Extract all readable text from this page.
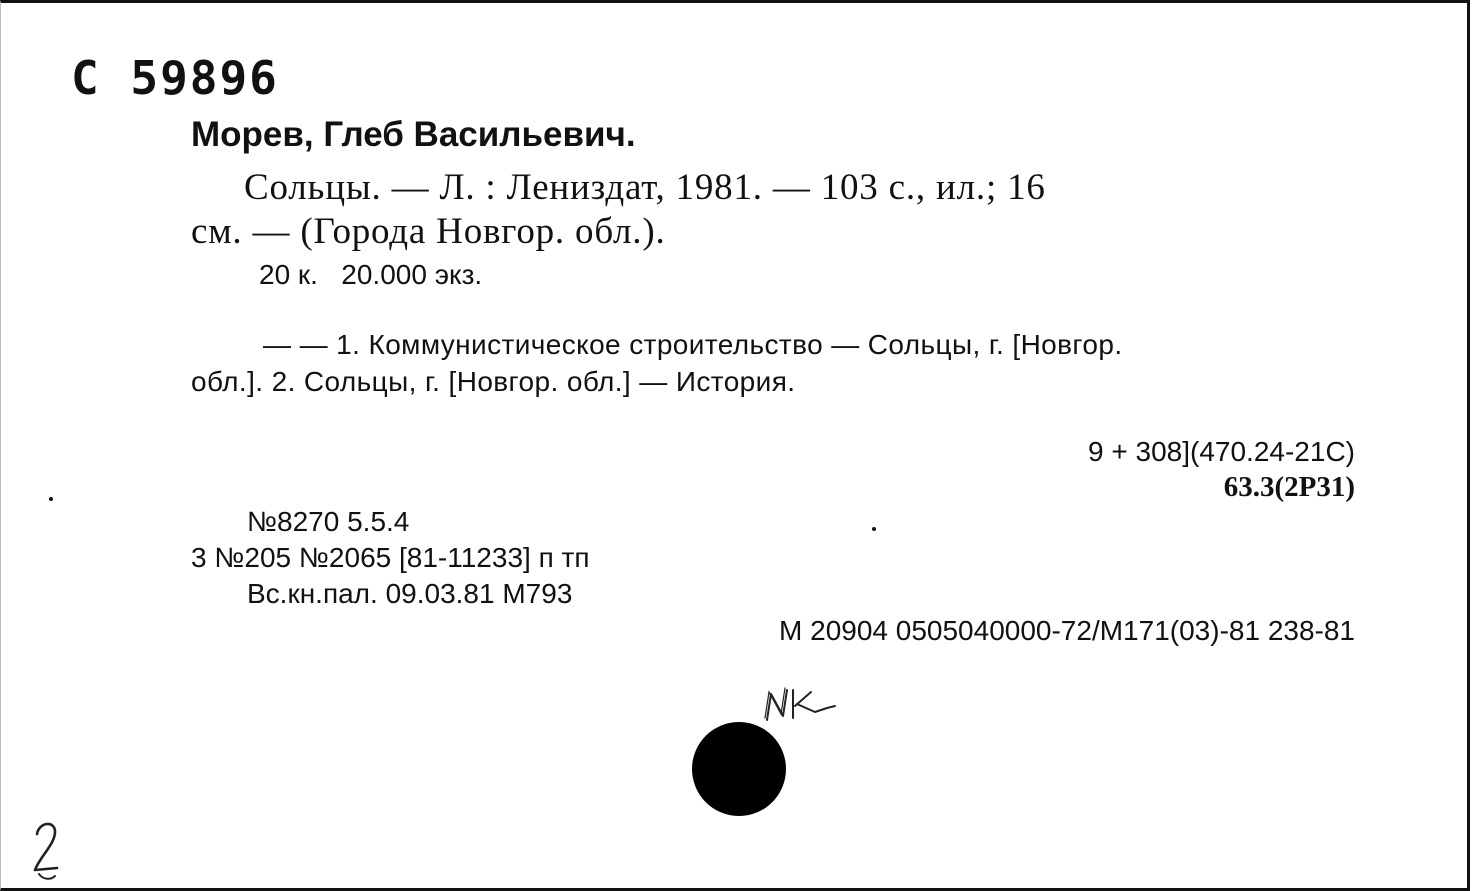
С 59896
Морев, Глеб Васильевич.
Сольцы. — Л. : Лениздат, 1981. — 103 с., ил.; 16
см. — (Города Новгор. обл.).
20 к.   20.000 экз.
— — 1. Коммунистическое строительство — Сольцы, г. [Новгор.
обл.]. 2. Сольцы, г. [Новгор. обл.] — История.
9 + 308](470.24-21С)
63.3(2Р31)
№8270 5.5.4
3 №205 №2065 [81-11233] п тп
Вс.кн.пал. 09.03.81 М793
М 20904 0505040000-72/М171(03)-81 238-81
